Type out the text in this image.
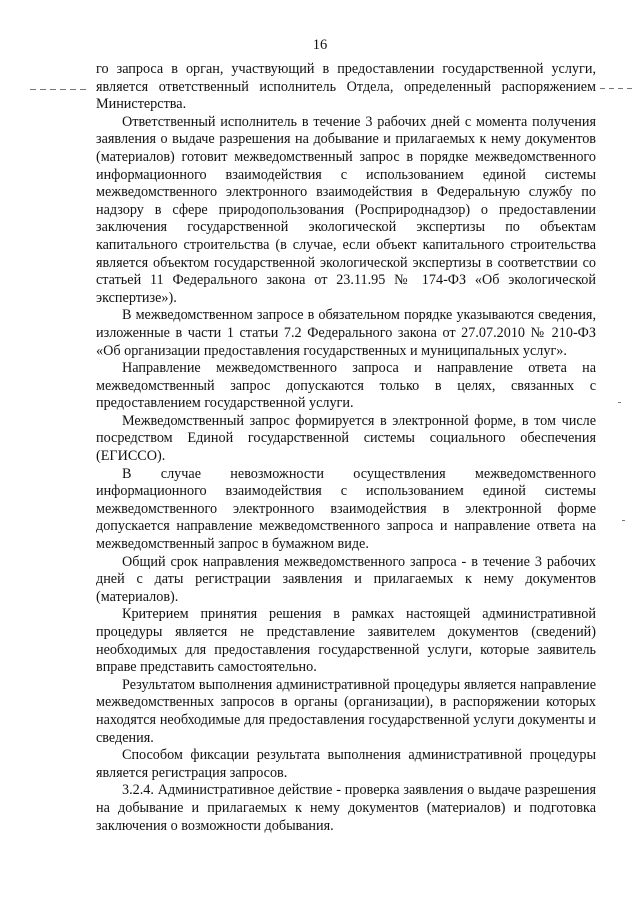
16

го запроса в орган, участвующий в предоставлении государственной услуги, является ответственный исполнитель Отдела, определенный распоряжением Министерства.

Ответственный исполнитель в течение 3 рабочих дней с момента получения заявления о выдаче разрешения на добывание и прилагаемых к нему документов (материалов) готовит межведомственный запрос в порядке межведомственного информационного взаимодействия с использованием единой системы межведомственного электронного взаимодействия в Федеральную службу по надзору в сфере природопользования (Росприроднадзор) о предоставлении заключения государственной экологической экспертизы по объектам капитального строительства (в случае, если объект капитального строительства является объектом государственной экологической экспертизы в соответствии со статьей 11 Федерального закона от 23.11.95 № 174-ФЗ «Об экологической экспертизе»).

В межведомственном запросе в обязательном порядке указываются сведения, изложенные в части 1 статьи 7.2 Федерального закона от 27.07.2010 № 210-ФЗ «Об организации предоставления государственных и муниципальных услуг».

Направление межведомственного запроса и направление ответа на межведомственный запрос допускаются только в целях, связанных с предоставлением государственной услуги.

Межведомственный запрос формируется в электронной форме, в том числе посредством Единой государственной системы социального обеспечения (ЕГИССО).

В случае невозможности осуществления межведомственного информационного взаимодействия с использованием единой системы межведомственного электронного взаимодействия в электронной форме допускается направление межведомственного запроса и направление ответа на межведомственный запрос в бумажном виде.

Общий срок направления межведомственного запроса - в течение 3 рабочих дней с даты регистрации заявления и прилагаемых к нему документов (материалов).

Критерием принятия решения в рамках настоящей административной процедуры является не представление заявителем документов (сведений) необходимых для предоставления государственной услуги, которые заявитель вправе представить самостоятельно.

Результатом выполнения административной процедуры является направление межведомственных запросов в органы (организации), в распоряжении которых находятся необходимые для предоставления государственной услуги документы и сведения.

Способом фиксации результата выполнения административной процедуры является регистрация запросов.

3.2.4. Административное действие - проверка заявления о выдаче разрешения на добывание и прилагаемых к нему документов (материалов) и подготовка заключения о возможности добывания.
